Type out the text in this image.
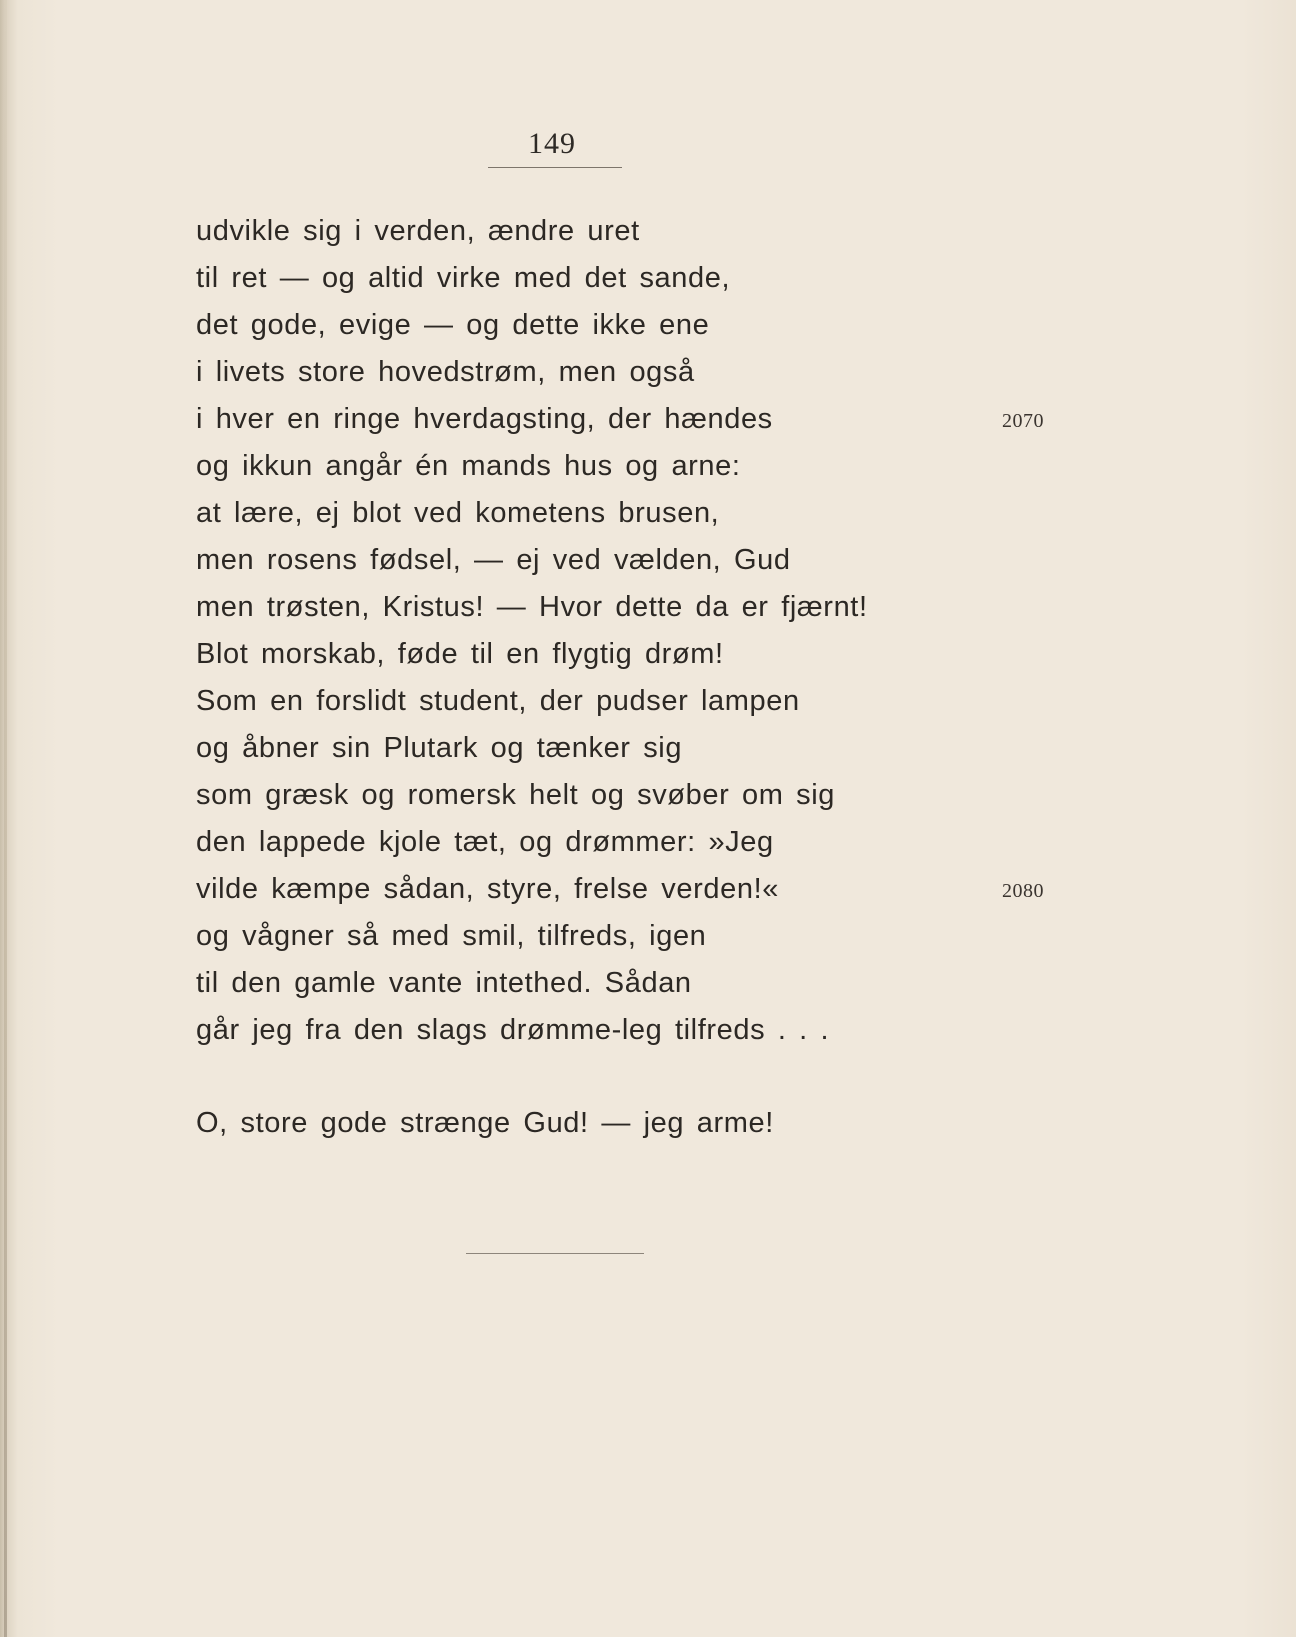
149
udvikle sig i verden, ændre uret
til ret — og altid virke med det sande,
det gode, evige — og dette ikke ene
i livets store hovedstrøm, men også
i hver en ringe hverdagsting, der hændes	2070
og ikkun angår én mands hus og arne:
at lære, ej blot ved kometens brusen,
men rosens fødsel, — ej ved vælden, Gud
men trøsten, Kristus! — Hvor dette da er fjærnt!
Blot morskab, føde til en flygtig drøm!
Som en forslidt student, der pudser lampen
og åbner sin Plutark og tænker sig
som græsk og romersk helt og svøber om sig
den lappede kjole tæt, og drømmer: »Jeg
vilde kæmpe sådan, styre, frelse verden!«	2080
og vågner så med smil, tilfreds, igen
til den gamle vante intethed. Sådan
går jeg fra den slags drømme-leg tilfreds . . .
O, store gode strænge Gud! — jeg arme!
